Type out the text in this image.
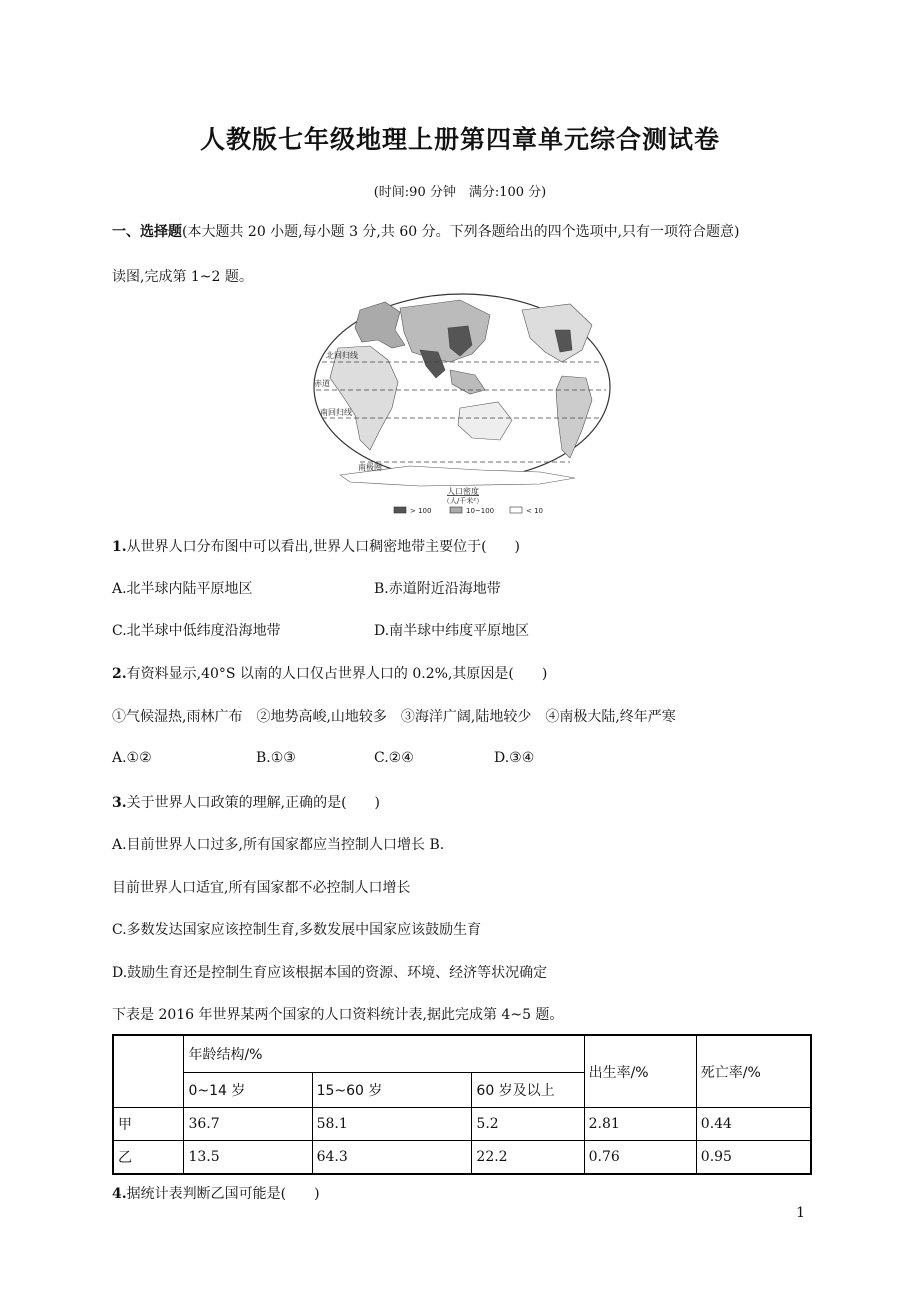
人教版七年级地理上册第四章单元综合测试卷
(时间:90 分钟　满分:100 分)
一、选择题(本大题共 20 小题,每小题 3 分,共 60 分。下列各题给出的四个选项中,只有一项符合题意)
读图,完成第 1~2 题。
北回归线
赤道
南回归线
南极圈
人口密度
（人/千米²）
> 100	10~100	< 10
1.从世界人口分布图中可以看出,世界人口稠密地带主要位于(　　)
A.北半球内陆平原地区	B.赤道附近沿海地带
C.北半球中低纬度沿海地带	D.南半球中纬度平原地区
2.有资料显示,40°S 以南的人口仅占世界人口的 0.2%,其原因是(　　)
①气候湿热,雨林广布　②地势高峻,山地较多　③海洋广阔,陆地较少　④南极大陆,终年严寒
A.①②	B.①③	C.②④	D.③④
3.关于世界人口政策的理解,正确的是(　　)
A.目前世界人口过多,所有国家都应当控制人口增长 B.
目前世界人口适宜,所有国家都不必控制人口增长
C.多数发达国家应该控制生育,多数发展中国家应该鼓励生育
D.鼓励生育还是控制生育应该根据本国的资源、环境、经济等状况确定
下表是 2016 年世界某两个国家的人口资料统计表,据此完成第 4~5 题。
	年龄结构/%			出生率/%	死亡率/%
	0~14 岁	15~60 岁	60 岁及以上		
甲	36.7	58.1	5.2	2.81	0.44
乙	13.5	64.3	22.2	0.76	0.95
4.据统计表判断乙国可能是(　　)
1
